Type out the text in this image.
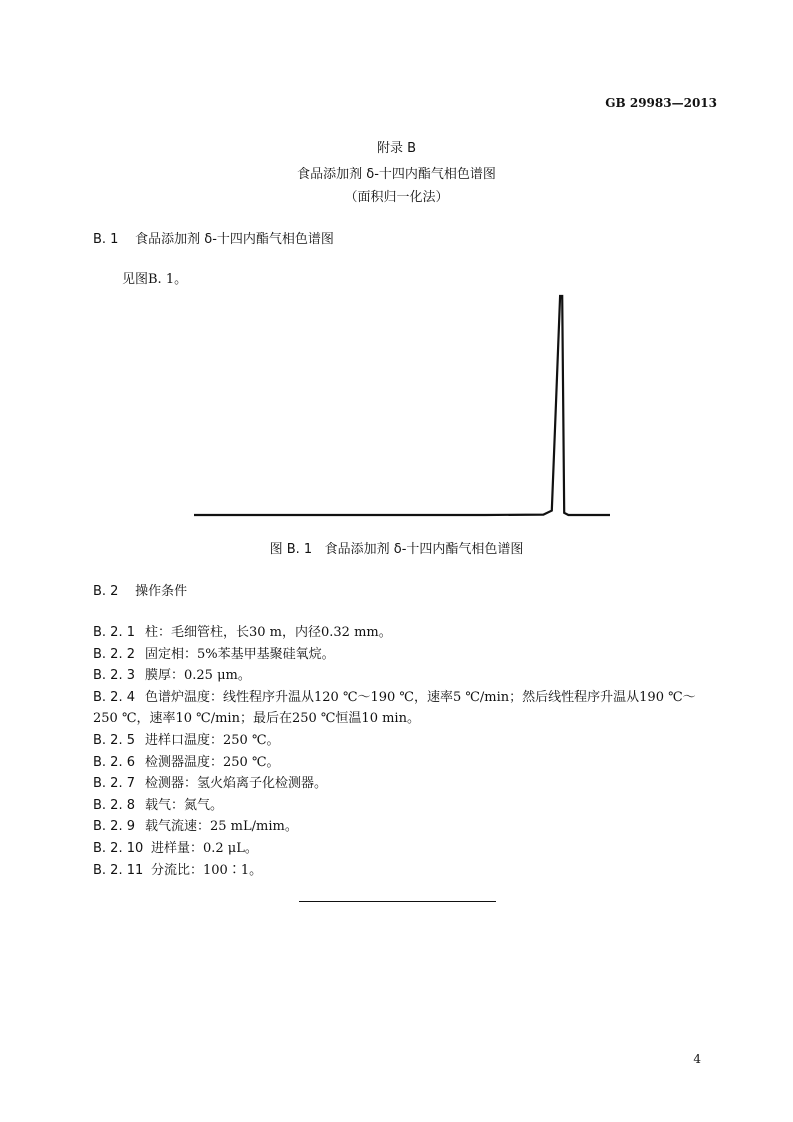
GB 29983—2013
附录 B
食品添加剂 δ-十四内酯气相色谱图
（面积归一化法）
B. 1 食品添加剂 δ-十四内酯气相色谱图
见图B. 1。
图 B. 1 食品添加剂 δ-十四内酯气相色谱图
B. 2 操作条件
B. 2. 1 柱：毛细管柱，长30 m，内径0.32 mm。
B. 2. 2 固定相：5%苯基甲基聚硅氧烷。
B. 2. 3 膜厚：0.25 μm。
B. 2. 4 色谱炉温度：线性程序升温从120 ℃～190 ℃，速率5 ℃/min；然后线性程序升温从190 ℃～
250 ℃，速率10 ℃/min；最后在250 ℃恒温10 min。
B. 2. 5 进样口温度：250 ℃。
B. 2. 6 检测器温度：250 ℃。
B. 2. 7 检测器：氢火焰离子化检测器。
B. 2. 8 载气：氮气。
B. 2. 9 载气流速：25 mL/mim。
B. 2. 10 进样量：0.2 μL。
B. 2. 11 分流比：100∶1。
4
